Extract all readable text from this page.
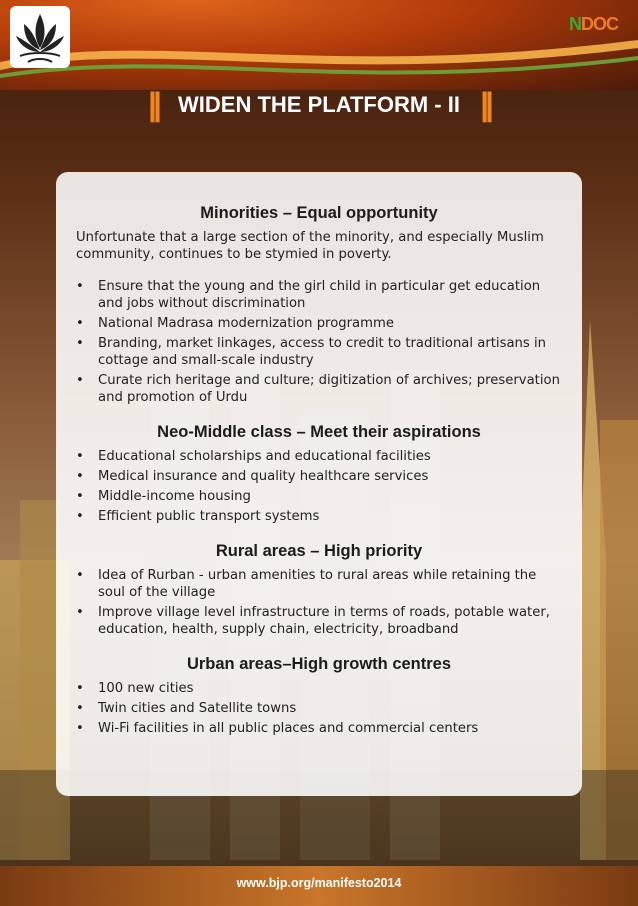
NDOC
|| WIDEN THE PLATFORM - II ||
Minorities – Equal opportunity
Unfortunate that a large section of the minority, and especially Muslim community, continues to be stymied in poverty.
• Ensure that the young and the girl child in particular get education and jobs without discrimination
• National Madrasa modernization programme
• Branding, market linkages, access to credit to traditional artisans in cottage and small-scale industry
• Curate rich heritage and culture; digitization of archives; preservation and promotion of Urdu
Neo-Middle class – Meet their aspirations
• Educational scholarships and educational facilities
• Medical insurance and quality healthcare services
• Middle-income housing
• Efficient public transport systems
Rural areas – High priority
• Idea of Rurban - urban amenities to rural areas while retaining the soul of the village
• Improve village level infrastructure in terms of roads, potable water, education, health, supply chain, electricity, broadband
Urban areas–High growth centres
• 100 new cities
• Twin cities and Satellite towns
• Wi-Fi facilities in all public places and commercial centers
www.bjp.org/manifesto2014
